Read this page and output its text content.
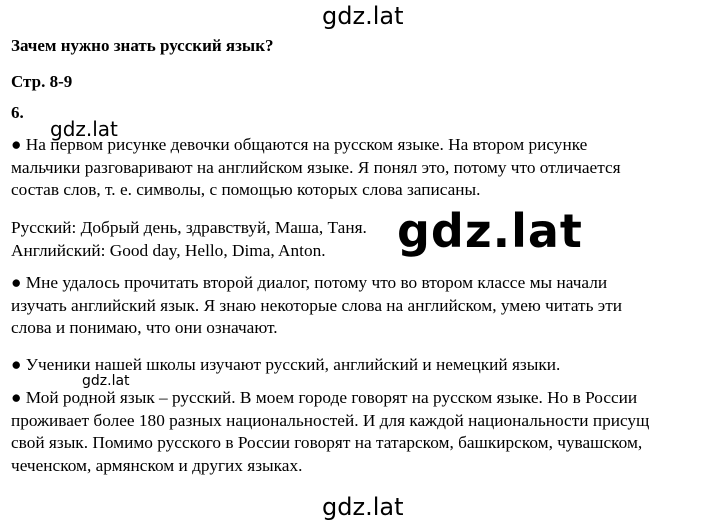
Зачем нужно знать русский язык?
Стр. 8-9
6.
● На первом рисунке девочки общаются на русском языке. На втором рисунке
мальчики разговаривают на английском языке. Я понял это, потому что отличается
состав слов, т. е. символы, с помощью которых слова записаны.
Русский: Добрый день, здравствуй, Маша, Таня.
Английский: Good day, Hello, Dima, Anton.
● Мне удалось прочитать второй диалог, потому что во втором классе мы начали
изучать английский язык. Я знаю некоторые слова на английском, умею читать эти
слова и понимаю, что они означают.
● Ученики нашей школы изучают русский, английский и немецкий языки.
● Мой родной язык – русский. В моем городе говорят на русском языке. Но в России
проживает более 180 разных национальностей. И для каждой национальности присущ
свой язык. Помимо русского в России говорят на татарском, башкирском, чувашском,
чеченском, армянском и других языках.
gdz.lat
gdz.lat
gdz.lat
gdz.lat
gdz.lat
